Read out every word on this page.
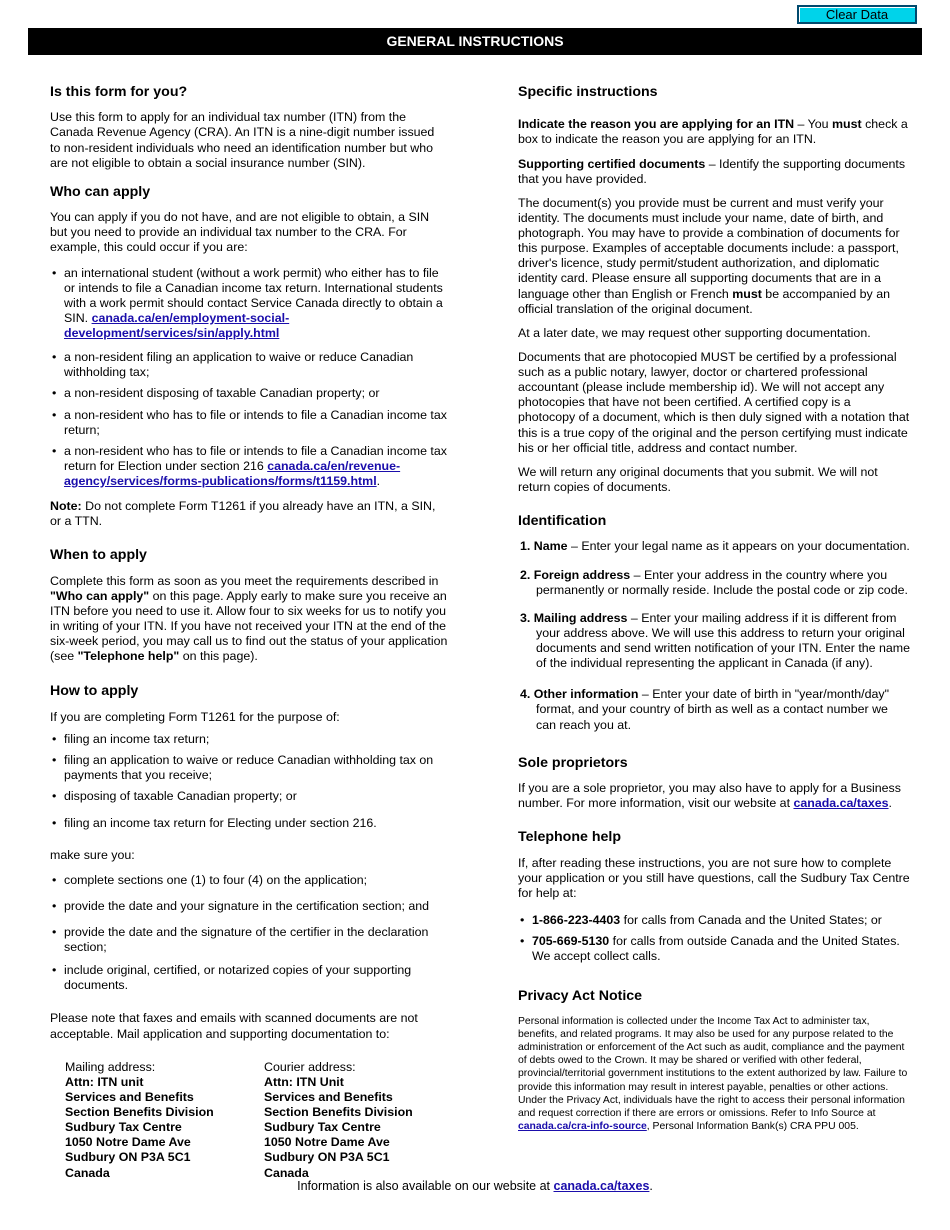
Clear Data
GENERAL INSTRUCTIONS
Is this form for you?

Use this form to apply for an individual tax number (ITN) from the Canada Revenue Agency (CRA). An ITN is a nine-digit number issued to non-resident individuals who need an identification number but who are not eligible to obtain a social insurance number (SIN).

Who can apply

You can apply if you do not have, and are not eligible to obtain, a SIN but you need to provide an individual tax number to the CRA. For example, this could occur if you are:

• an international student (without a work permit) who either has to file or intends to file a Canadian income tax return. International students with a work permit should contact Service Canada directly to obtain a SIN. canada.ca/en/employment-social-development/services/sin/apply.html
• a non-resident filing an application to waive or reduce Canadian withholding tax;
• a non-resident disposing of taxable Canadian property; or
• a non-resident who has to file or intends to file a Canadian income tax return;
• a non-resident who has to file or intends to file a Canadian income tax return for Election under section 216 canada.ca/en/revenue-agency/services/forms-publications/forms/t1159.html.

Note: Do not complete Form T1261 if you already have an ITN, a SIN, or a TTN.

When to apply

Complete this form as soon as you meet the requirements described in
"Who can apply" on this page. Apply early to make sure you receive an ITN before you need to use it. Allow four to six weeks for us to notify you in writing of your ITN. If you have not received your ITN at the end of the six-week period, you may call us to find out the status of your application (see "Telephone help" on this page).

How to apply

If you are completing Form T1261 for the purpose of:

• filing an income tax return;
• filing an application to waive or reduce Canadian withholding tax on payments that you receive;
• disposing of taxable Canadian property; or
• filing an income tax return for Electing under section 216.

make sure you:

• complete sections one (1) to four (4) on the application;
• provide the date and your signature in the certification section; and
• provide the date and the signature of the certifier in the declaration section;
• include original, certified, or notarized copies of your supporting documents.

Please note that faxes and emails with scanned documents are not acceptable. Mail application and supporting documentation to:

Mailing address:
Attn: ITN unit
Services and Benefits
Section Benefits Division
Sudbury Tax Centre
1050 Notre Dame Ave
Sudbury ON P3A 5C1
Canada
Courier address:
Attn: ITN Unit
Services and Benefits
Section Benefits Division
Sudbury Tax Centre
1050 Notre Dame Ave
Sudbury ON P3A 5C1
Canada
Specific instructions

Indicate the reason you are applying for an ITN – You must check a box to indicate the reason you are applying for an ITN.

Supporting certified documents – Identify the supporting documents that you have provided.

The document(s) you provide must be current and must verify your identity. The documents must include your name, date of birth, and photograph. You may have to provide a combination of documents for this purpose. Examples of acceptable documents include: a passport, driver's licence, study permit/student authorization, and diplomatic identity card. Please ensure all supporting documents that are in a language other than English or French must be accompanied by an official translation of the original document.

At a later date, we may request other supporting documentation.

Documents that are photocopied MUST be certified by a professional such as a public notary, lawyer, doctor or chartered professional accountant (please include membership id). We will not accept any photocopies that have not been certified. A certified copy is a photocopy of a document, which is then duly signed with a notation that this is a true copy of the original and the person certifying must indicate his or her official title, address and contact number.

We will return any original documents that you submit. We will not return copies of documents.

Identification
1. Name – Enter your legal name as it appears on your documentation.
2. Foreign address – Enter your address in the country where you permanently or normally reside. Include the postal code or zip code.
3. Mailing address – Enter your mailing address if it is different from your address above. We will use this address to return your original documents and send written notification of your ITN. Enter the name of the individual representing the applicant in Canada (if any).
4. Other information – Enter your date of birth in "year/month/day" format, and your country of birth as well as a contact number we can reach you at.
Sole proprietors

If you are a sole proprietor, you may also have to apply for a Business number. For more information, visit our website at canada.ca/taxes.

Telephone help

If, after reading these instructions, you are not sure how to complete your application or you still have questions, call the Sudbury Tax Centre for help at:

• 1-866-223-4403 for calls from Canada and the United States; or
• 705-669-5130 for calls from outside Canada and the United States. We accept collect calls.
Privacy Act Notice

Personal information is collected under the Income Tax Act to administer tax, benefits, and related programs. It may also be used for any purpose related to the administration or enforcement of the Act such as audit, compliance and the payment of debts owed to the Crown. It may be shared or verified with other federal, provincial/territorial government institutions to the extent authorized by law. Failure to provide this information may result in interest payable, penalties or other actions. Under the Privacy Act, individuals have the right to access their personal information and request correction if there are errors or omissions. Refer to Info Source at canada.ca/cra-info-source, Personal Information Bank(s) CRA PPU 005.

Information is also available on our website at canada.ca/taxes.
